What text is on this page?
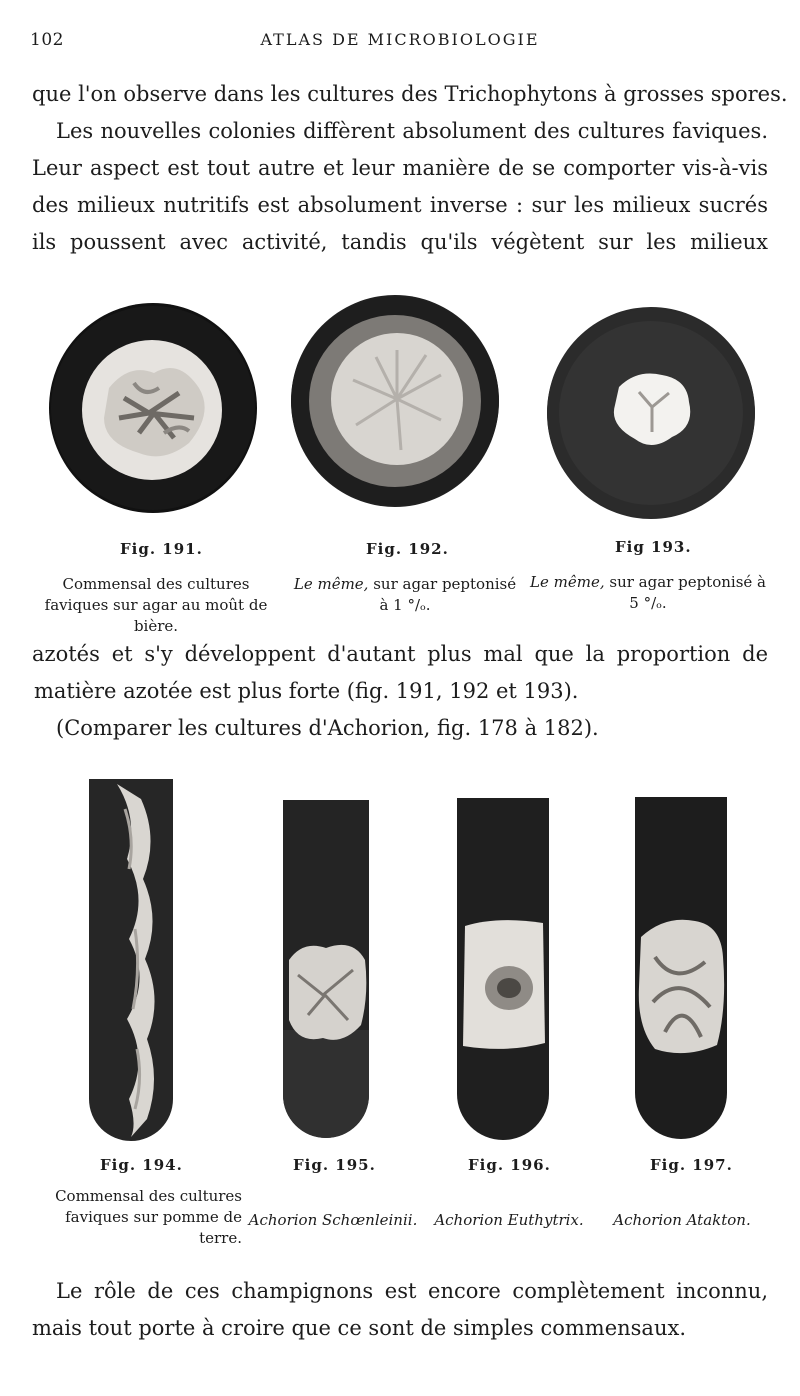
102	ATLAS DE MICROBIOLOGIE
que l'on observe dans les cultures des Trichophytons à grosses spores.
Les nouvelles colonies diffèrent absolument des cultures faviques.
Leur aspect est tout autre et leur manière de se comporter vis-à-vis
des milieux nutritifs est absolument inverse : sur les milieux sucrés
ils poussent avec activité, tandis qu'ils végètent sur les milieux
Fig. 191.	Fig. 192.	Fig 193.
Commensal des cultures faviques sur agar au moût de bière.
Le même, sur agar peptonisé à 1 °/ₒ.
Le même, sur agar peptonisé à 5 °/ₒ.
azotés et s'y développent d'autant plus mal que la proportion de
matière azotée est plus forte (fig. 191, 192 et 193).
(Comparer les cultures d'Achorion, fig. 178 à 182).
Fig. 194.	Fig. 195.	Fig. 196.	Fig. 197.
Commensal des cultures faviques sur pomme de terre.
Achorion Schœnleinii.	Achorion Euthytrix.	Achorion Atakton.
Le rôle de ces champignons est encore complètement inconnu,
mais tout porte à croire que ce sont de simples commensaux.
